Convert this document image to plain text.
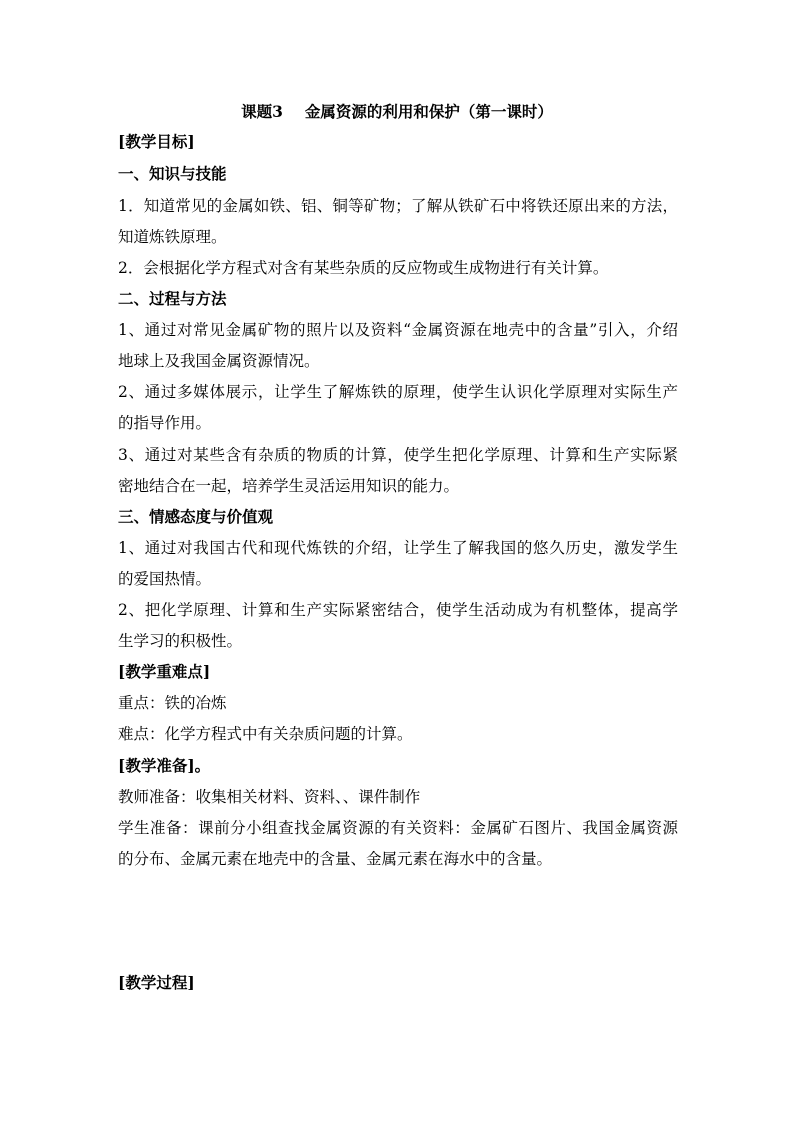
课题3 金属资源的利用和保护（第一课时）
[教学目标]
一、知识与技能
1．知道常见的金属如铁、铝、铜等矿物；了解从铁矿石中将铁还原出来的方法，
知道炼铁原理。
2．会根据化学方程式对含有某些杂质的反应物或生成物进行有关计算。
二、过程与方法
1、通过对常见金属矿物的照片以及资料“金属资源在地壳中的含量”引入，介绍
地球上及我国金属资源情况。
2、通过多媒体展示，让学生了解炼铁的原理，使学生认识化学原理对实际生产
的指导作用。
3、通过对某些含有杂质的物质的计算，使学生把化学原理、计算和生产实际紧
密地结合在一起，培养学生灵活运用知识的能力。
三、情感态度与价值观
1、通过对我国古代和现代炼铁的介绍，让学生了解我国的悠久历史，激发学生
的爱国热情。
2、把化学原理、计算和生产实际紧密结合，使学生活动成为有机整体，提高学
生学习的积极性。
[教学重难点]
重点：铁的冶炼
难点：化学方程式中有关杂质问题的计算。
[教学准备]。
教师准备：收集相关材料、资料、、课件制作
学生准备：课前分小组查找金属资源的有关资料：金属矿石图片、我国金属资源
的分布、金属元素在地壳中的含量、金属元素在海水中的含量。
[教学过程]
